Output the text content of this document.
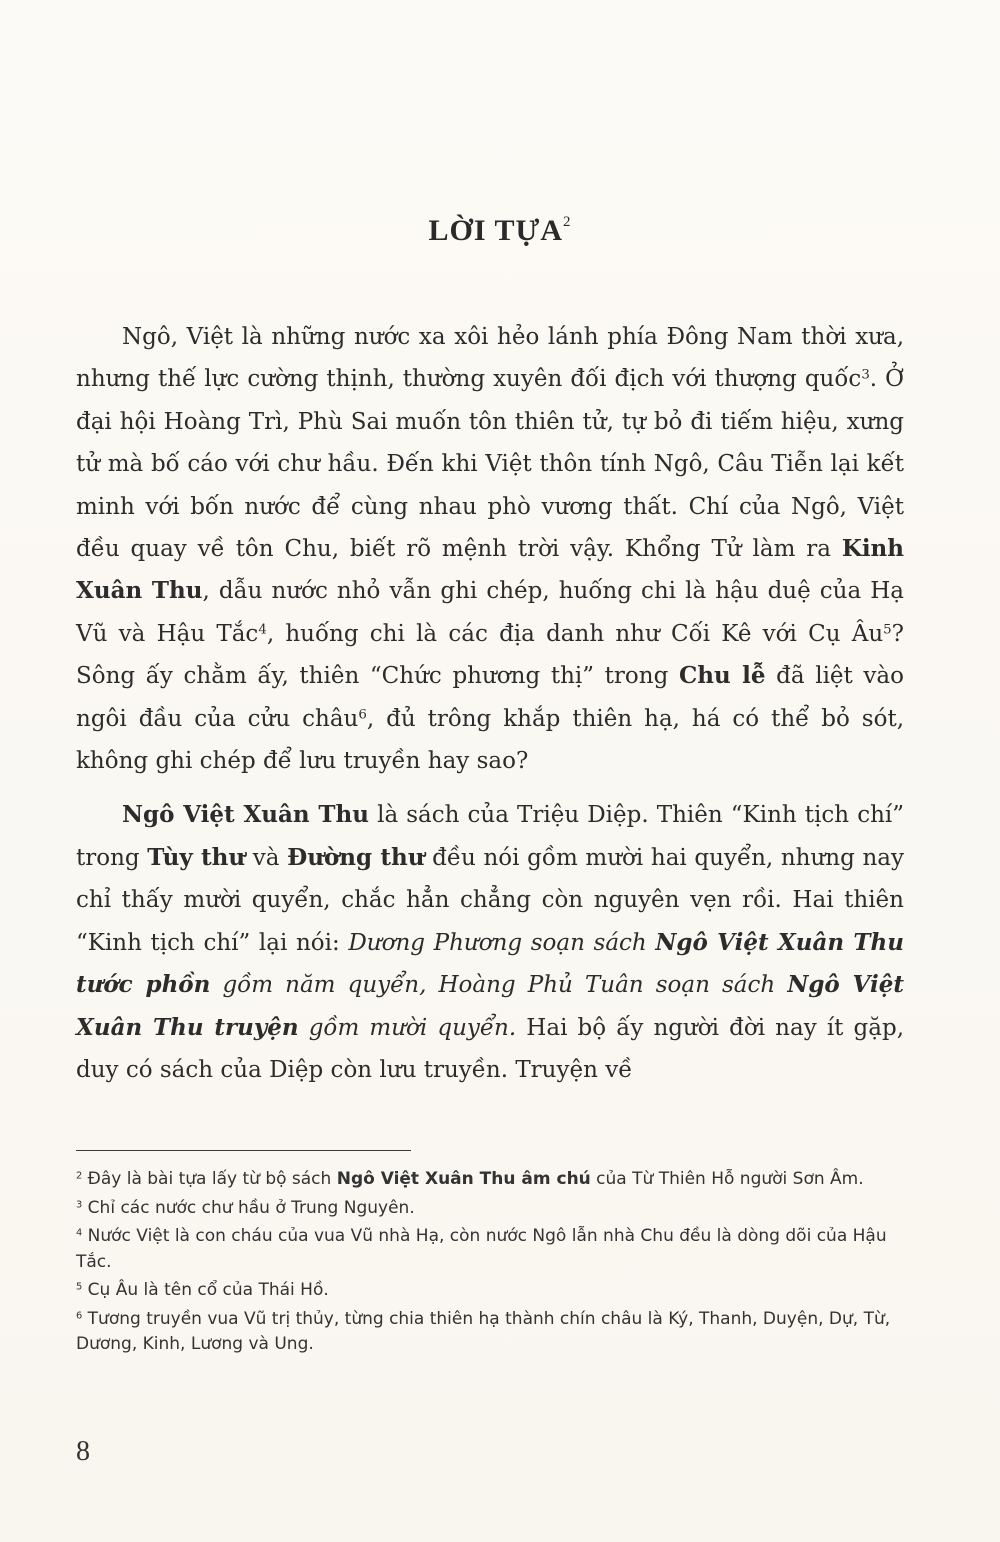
LỜI TỰA$^2$

Ngô, Việt là những nước xa xôi hẻo lánh phía Đông Nam thời xưa, nhưng thế lực cường thịnh, thường xuyên đối địch với thượng quốc$^3$. Ở đại hội Hoàng Trì, Phù Sai muốn tôn thiên tử, tự bỏ đi tiếm hiệu, xưng tử mà bố cáo với chư hầu. Đến khi Việt thôn tính Ngô, Câu Tiễn lại kết minh với bốn nước để cùng nhau phò vương thất. Chí của Ngô, Việt đều quay về tôn Chu, biết rõ mệnh trời vậy. Khổng Tử làm ra Kinh Xuân Thu, dẫu nước nhỏ vẫn ghi chép, huống chi là hậu duệ của Hạ Vũ và Hậu Tắc$^4$, huống chi là các địa danh như Cối Kê với Cụ $Âu^5$? Sông ấy chằm ấy, thiên “Chức phương thị” trong Chu lễ đã liệt vào ngôi đầu của cửu châu$^6$, đủ trông khắp thiên hạ, há có thể bỏ sót, không ghi chép để lưu truyền hay sao?

Ngô Việt Xuân Thu là sách của Triệu Diệp. Thiên “Kinh tịch chí” trong Tùy thư và Đường thư đều nói gồm mười hai quyển, nhưng nay chỉ thấy mười quyển, chắc hẳn chẳng còn nguyên vẹn rồi. Hai thiên “Kinh tịch chí” lại nói: Dương Phương soạn sách Ngô Việt Xuân Thu tước phồn gồm năm quyển, Hoàng Phủ Tuân soạn sách Ngô Việt Xuân Thu truyện gồm mười quyển. Hai bộ ấy người đời nay ít gặp, duy có sách của Diệp còn lưu truyền. Truyện về

$^2$ Đây là bài tựa lấy từ bộ sách Ngô Việt Xuân Thu âm chú của Từ Thiên Hỗ người Sơn Âm.

$^3$ Chỉ các nước chư hầu ở Trung Nguyên.

$^4$ Nước Việt là con cháu của vua Vũ nhà Hạ, còn nước Ngô lẫn nhà Chu đều là dòng dõi của Hậu Tắc.

$^5$ Cụ Âu là tên cổ của Thái Hồ.

$^6$ Tương truyền vua Vũ trị thủy, từng chia thiên hạ thành chín châu là Ký, Thanh, Duyện, Dự, Từ, Dương, Kinh, Lương và Ung.

8
